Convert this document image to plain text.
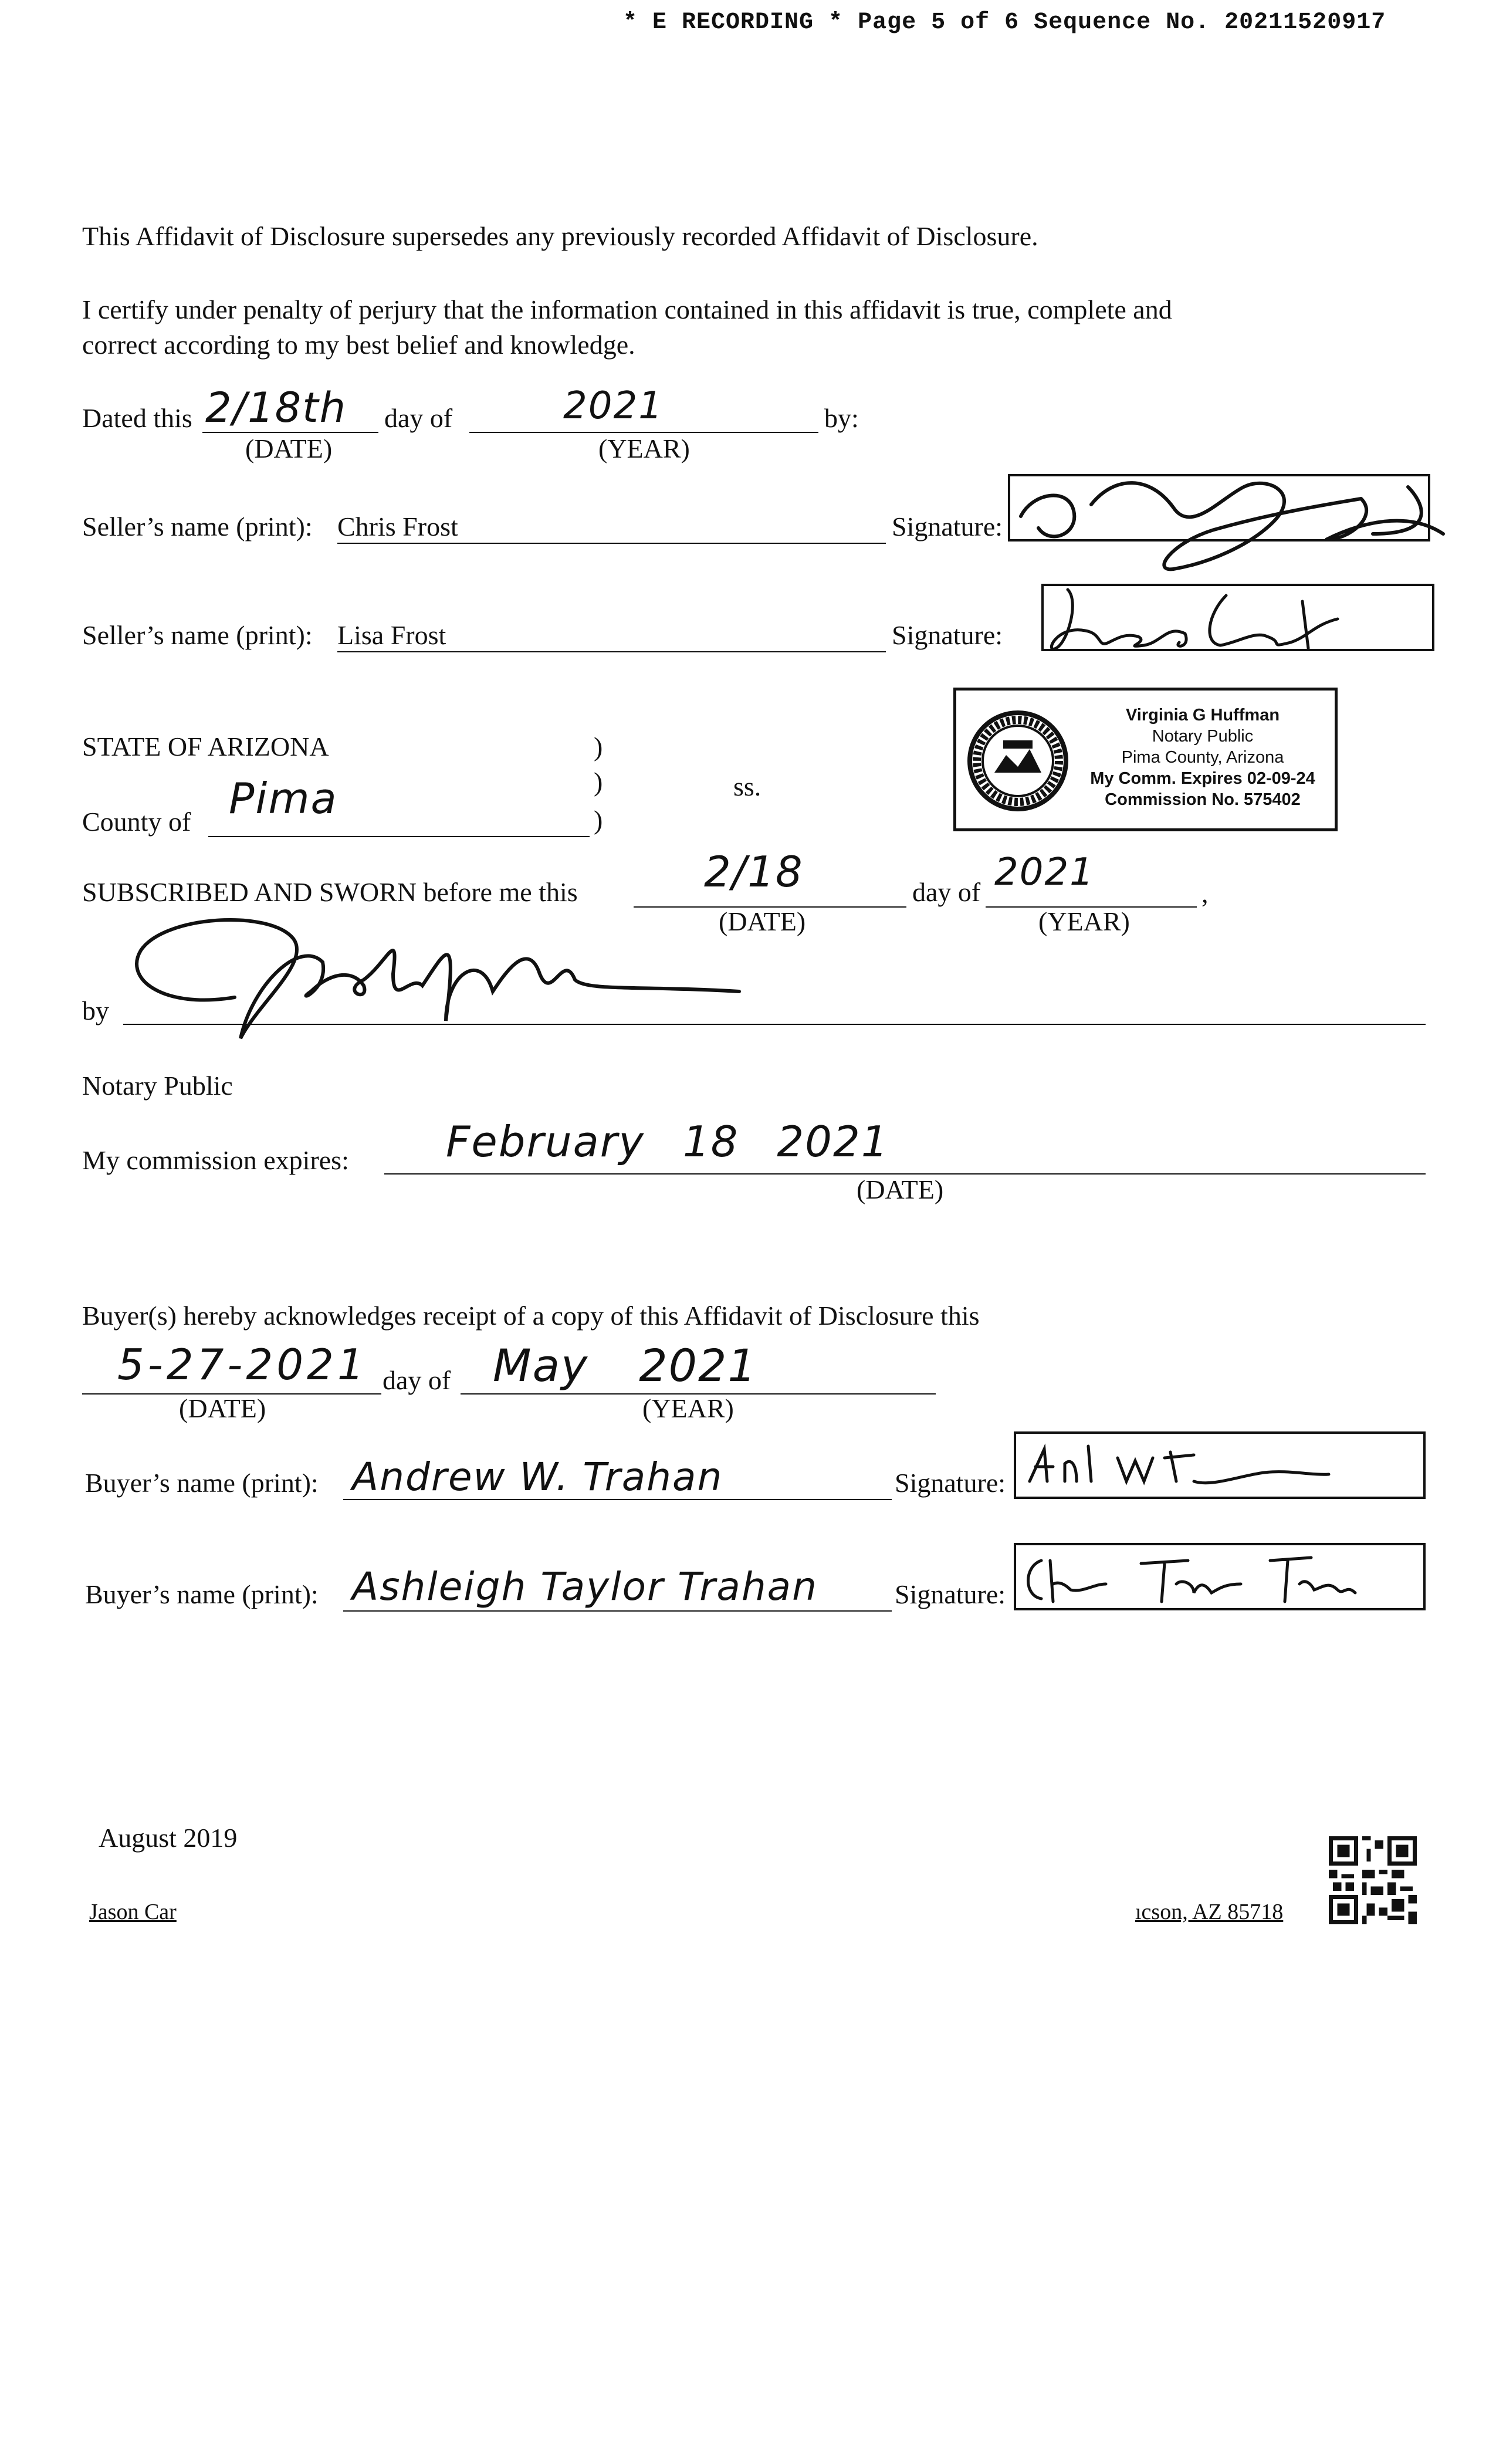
* E RECORDING * Page 5 of 6 Sequence No. 20211520917
This Affidavit of Disclosure supersedes any previously recorded Affidavit of Disclosure.
I certify under penalty of perjury that the information contained in this affidavit is true, complete and
correct according to my best belief and knowledge.
Dated this 2/18th
(DATE)
day of	2021
(YEAR)
by:
Seller’s name (print): Chris Frost	Signature:
Seller’s name (print): Lisa Frost	Signature:
STATE OF ARIZONA	)
)	ss.
County of Pima	)
Virginia G Huffman
Notary Public
Pima County, Arizona
My Comm. Expires 02-09-24
Commission No. 575402
SUBSCRIBED AND SWORN before me this	2/18
(DATE)
day of 2021
(YEAR)
,
by
Notary Public
My commission expires: February 18 2021
(DATE)
Buyer(s) hereby acknowledges receipt of a copy of this Affidavit of Disclosure this
5-27-2021
(DATE)
day of May 2021
(YEAR)
Buyer’s name (print): Andrew W. Trahan	Signature:
Buyer’s name (print): Ashleigh Taylor Trahan	Signature:
August 2019
Jason Car	ıcson, AZ 85718
